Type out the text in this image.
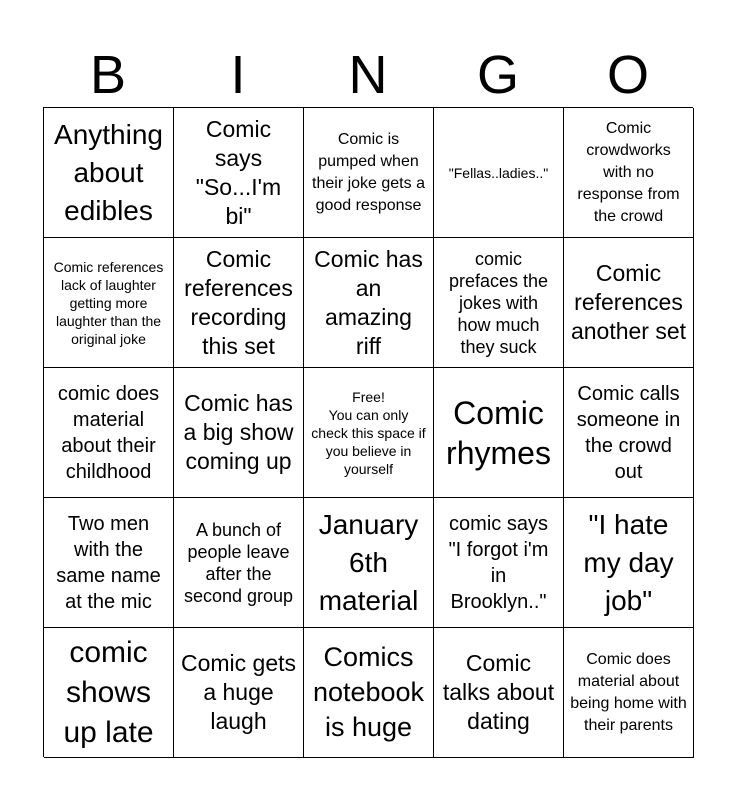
B	I	N	G	O
Anything about edibles
Comic says "So...I'm bi"
Comic is pumped when their joke gets a good response
"Fellas..ladies.."
Comic crowdworks with no response from the crowd
Comic references lack of laughter getting more laughter than the original joke
Comic references recording this set
Comic has an amazing riff
comic prefaces the jokes with how much they suck
Comic references another set
comic does material about their childhood
Comic has a big show coming up
Free!
You can only check this space if you believe in yourself
Comic rhymes
Comic calls someone in the crowd out
Two men with the same name at the mic
A bunch of people leave after the second group
January 6th material
comic says "I forgot i'm in Brooklyn.."
"I hate my day job"
comic shows up late
Comic gets a huge laugh
Comics notebook is huge
Comic talks about dating
Comic does material about being home with their parents
